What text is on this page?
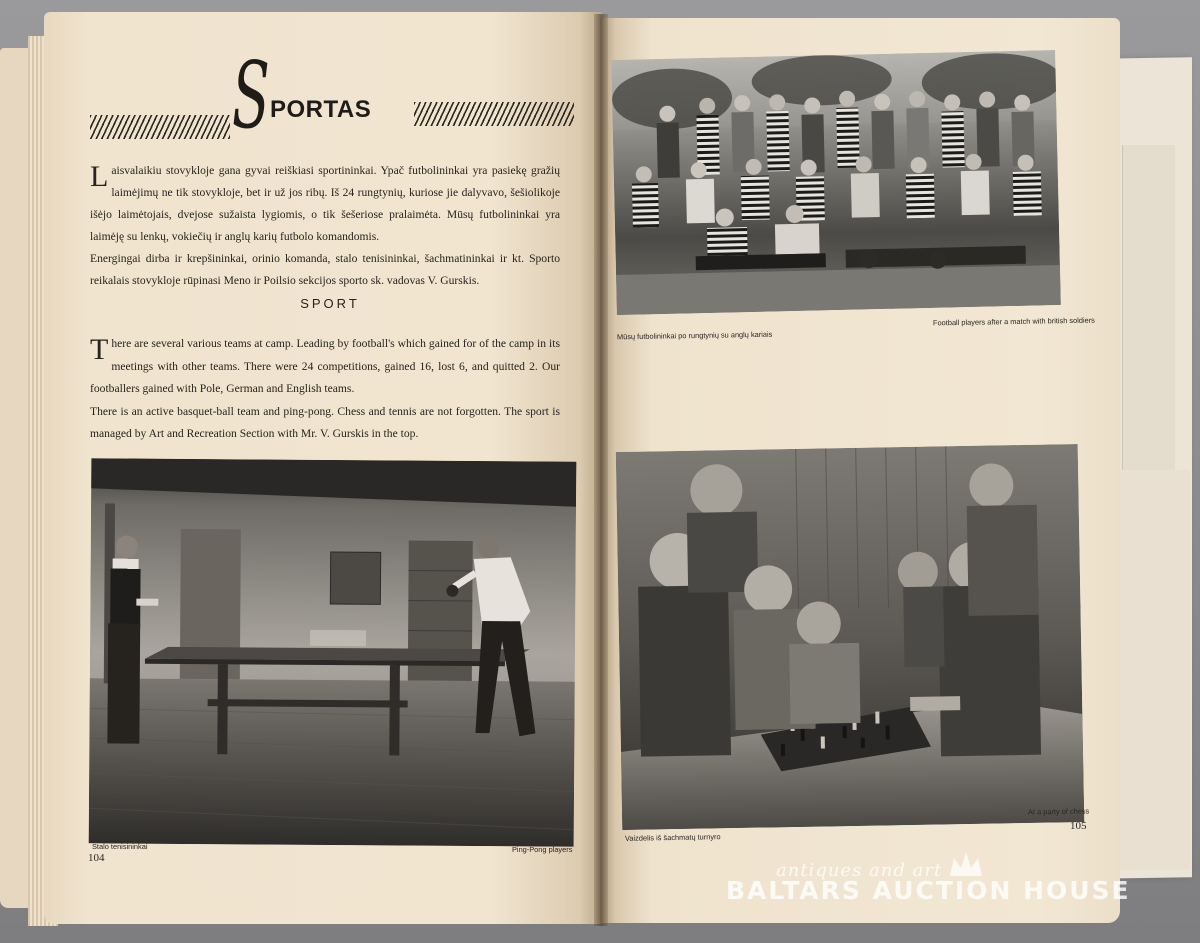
S PORTAS

Laisvalaikiu stovykloje gana gyvai reiškiasi sportininkai. Ypač futbolininkai yra pasiekę gražių laimėjimų ne tik stovykloje, bet ir už jos ribų. Iš 24 rungtynių, kuriose jie dalyvavo, šešiolikoje išėjo laimėtojais, dvejose sužaista lygiomis, o tik šešeriose pralaimėta. Mūsų futbolininkai yra laimėję su lenkų, vokiečių ir anglų karių futbolo komandomis.

Energingai dirba ir krepšininkai, orinio komanda, stalo tenisininkai, šachmatininkai ir kt. Sporto reikalais stovykloje rūpinasi Meno ir Poilsio sekcijos sporto sk. vadovas V. Gurskis.

SPORT

There are several various teams at camp. Leading by football's which gained for of the camp in its meetings with other teams. There were 24 competitions, gained 16, lost 6, and quitted 2. Our footballers gained with Pole, German and English teams.

There is an active basquet-ball team and ping-pong. Chess and tennis are not forgotten. The sport is managed by Art and Recreation Section with Mr. V. Gurskis in the top.

Stalo tenisininkai	Ping-Pong players
104
Mūsų futbolininkai po rungtynių su anglų kariais
Football players after a match with british soldiers
Vaizdelis iš šachmatų turnyro
At a party of chess
105
antiques and art
BALTARS AUCTION HOUSE
